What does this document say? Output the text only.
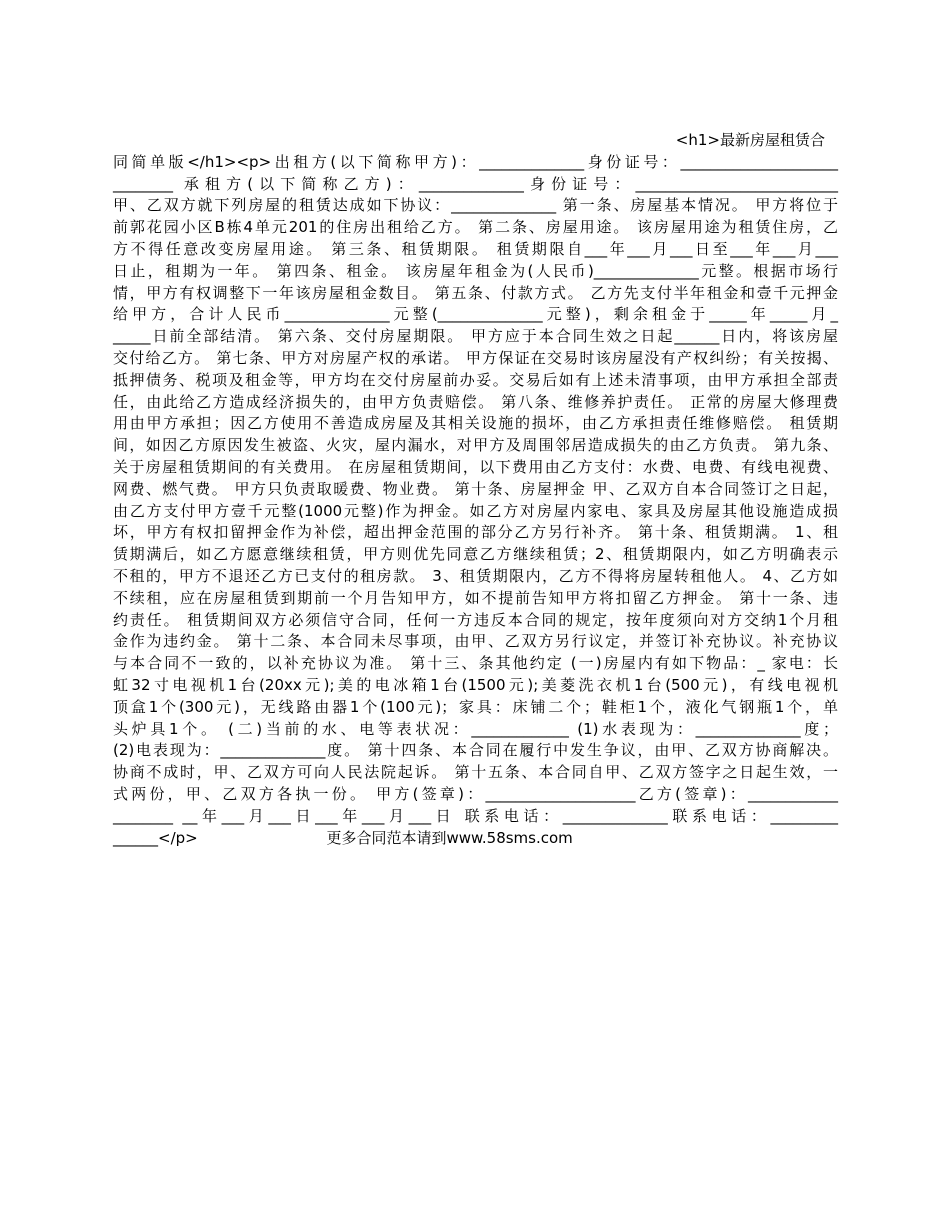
<h1>最新房屋租赁合
同简单版</h1><p>出租方(以下简称甲方)：______________身份证号：_____________________
________ 承租方(以下简称乙方)：______________身份证号：___________________________
甲、乙双方就下列房屋的租赁达成如下协议：______________ 第一条、房屋基本情况。 甲方将位于
前郭花园小区B栋4单元201的住房出租给乙方。 第二条、房屋用途。 该房屋用途为租赁住房，乙
方不得任意改变房屋用途。 第三条、租赁期限。 租赁期限自___年___月___日至___年___月___
日止，租期为一年。 第四条、租金。 该房屋年租金为(人民币)______________元整。根据市场行
情，甲方有权调整下一年该房屋租金数目。 第五条、付款方式。 乙方先支付半年租金和壹千元押金
给甲方，合计人民币______________元整(______________元整)，剩余租金于_____年_____月_
_____日前全部结清。 第六条、交付房屋期限。 甲方应于本合同生效之日起______日内，将该房屋
交付给乙方。 第七条、甲方对房屋产权的承诺。 甲方保证在交易时该房屋没有产权纠纷；有关按揭、
抵押债务、税项及租金等，甲方均在交付房屋前办妥。交易后如有上述未清事项，由甲方承担全部责
任，由此给乙方造成经济损失的，由甲方负责赔偿。 第八条、维修养护责任。 正常的房屋大修理费
用由甲方承担；因乙方使用不善造成房屋及其相关设施的损坏，由乙方承担责任维修赔偿。 租赁期
间，如因乙方原因发生被盗、火灾，屋内漏水，对甲方及周围邻居造成损失的由乙方负责。 第九条、
关于房屋租赁期间的有关费用。 在房屋租赁期间，以下费用由乙方支付：水费、电费、有线电视费、
网费、燃气费。 甲方只负责取暖费、物业费。 第十条、房屋押金 甲、乙双方自本合同签订之日起，
由乙方支付甲方壹千元整(1000元整)作为押金。如乙方对房屋内家电、家具及房屋其他设施造成损
坏，甲方有权扣留押金作为补偿，超出押金范围的部分乙方另行补齐。 第十条、租赁期满。 1、租
赁期满后，如乙方愿意继续租赁，甲方则优先同意乙方继续租赁；2、租赁期限内，如乙方明确表示
不租的，甲方不退还乙方已支付的租房款。 3、租赁期限内，乙方不得将房屋转租他人。 4、乙方如
不续租，应在房屋租赁到期前一个月告知甲方，如不提前告知甲方将扣留乙方押金。 第十一条、违
约责任。 租赁期间双方必须信守合同，任何一方违反本合同的规定，按年度须向对方交纳1个月租
金作为违约金。 第十二条、本合同未尽事项，由甲、乙双方另行议定，并签订补充协议。补充协议
与本合同不一致的，以补充协议为准。 第十三、条其他约定 (一)房屋内有如下物品：_ 家电：长
虹32寸电视机1台(20xx元);美的电冰箱1台(1500元);美菱洗衣机1台(500元)，有线电视机
顶盒1个(300元)，无线路由器1个(100元)；家具：床铺二个；鞋柜1个，液化气钢瓶1个，单
头炉具1个。 (二)当前的水、电等表状况：_____________ (1)水表现为：______________度；
(2)电表现为：______________度。 第十四条、本合同在履行中发生争议，由甲、乙双方协商解决。
协商不成时，甲、乙双方可向人民法院起诉。 第十五条、本合同自甲、乙双方签字之日起生效，一
式两份，甲、乙双方各执一份。 甲方(签章)：____________________乙方(签章)：____________
________ __年___月___日___年___月___日 联系电话：______________联系电话：_________
______</p>                           更多合同范本请到www.58sms.com
